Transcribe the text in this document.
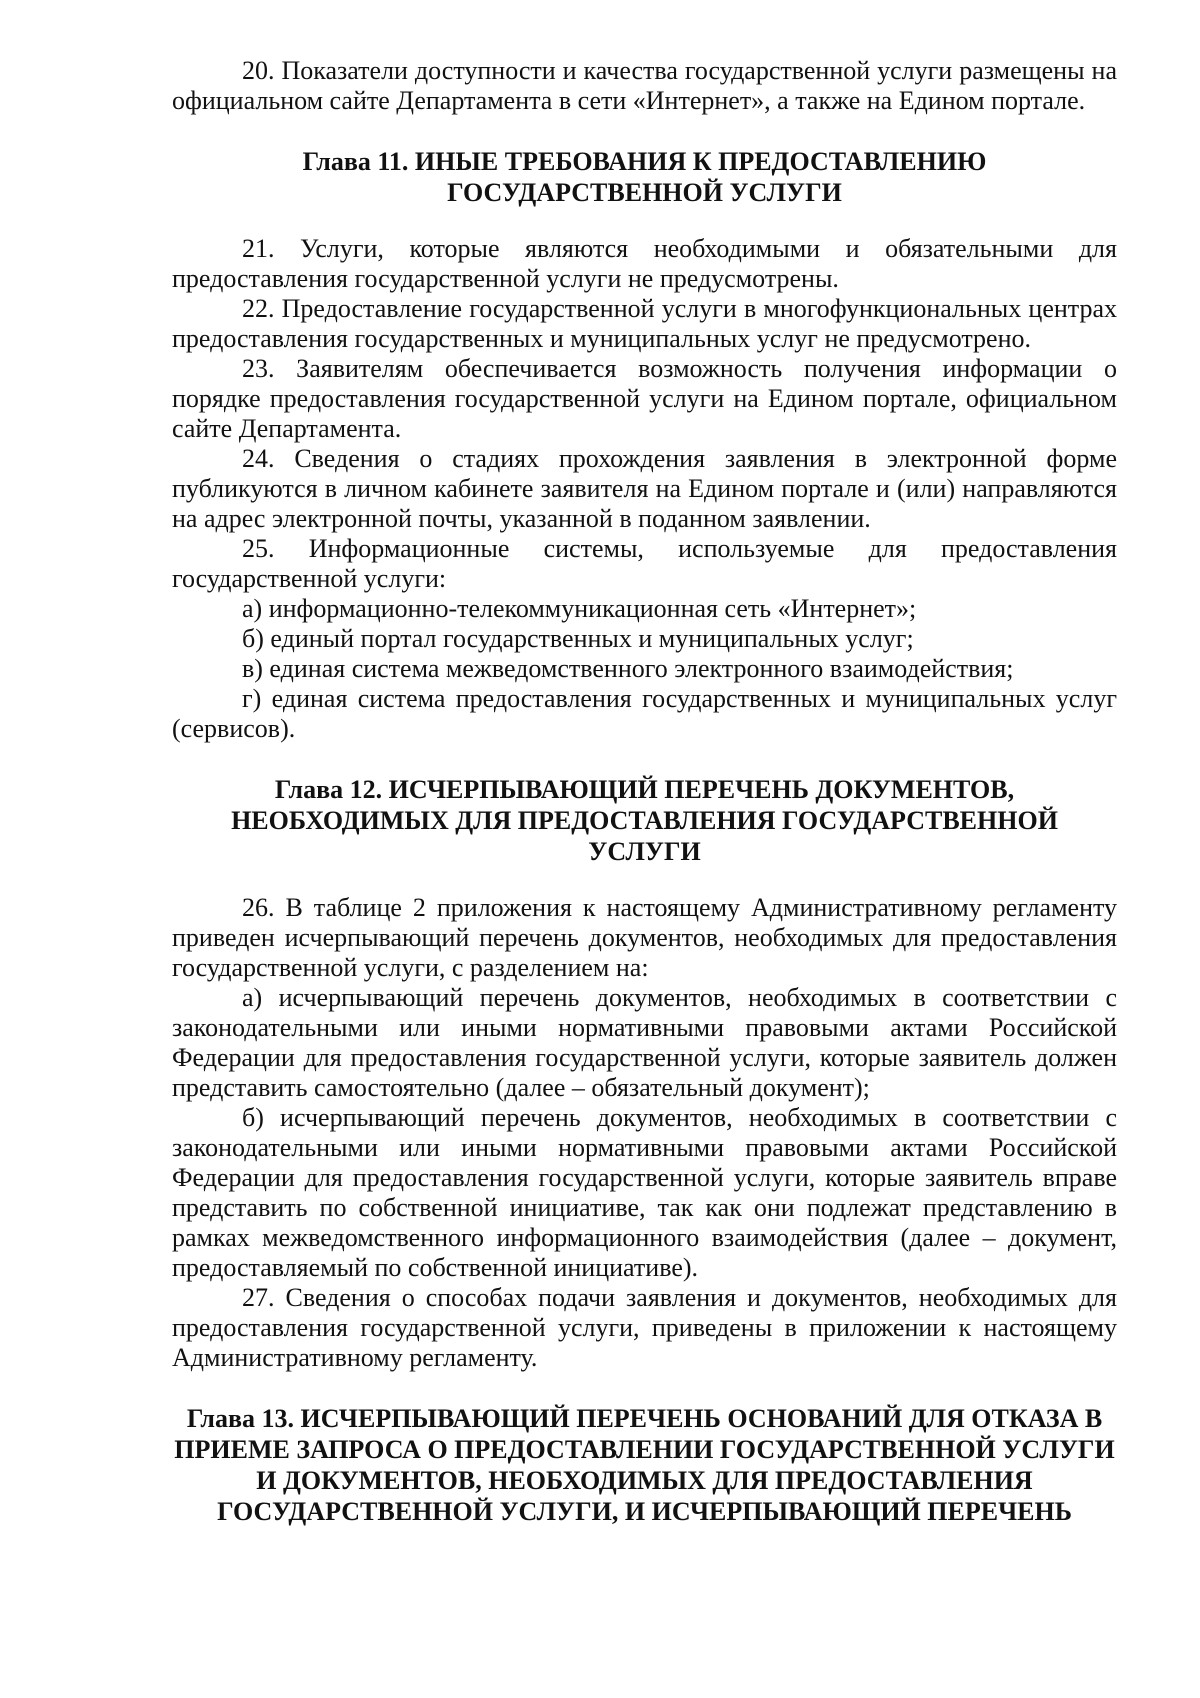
20. Показатели доступности и качества государственной услуги размещены на официальном сайте Департамента в сети «Интернет», а также на Едином портале.

Глава 11. ИНЫЕ ТРЕБОВАНИЯ К ПРЕДОСТАВЛЕНИЮ ГОСУДАРСТВЕННОЙ УСЛУГИ

21. Услуги, которые являются необходимыми и обязательными для предоставления государственной услуги не предусмотрены.

22. Предоставление государственной услуги в многофункциональных центрах предоставления государственных и муниципальных услуг не предусмотрено.

23. Заявителям обеспечивается возможность получения информации о порядке предоставления государственной услуги на Едином портале, официальном сайте Департамента.

24. Сведения о стадиях прохождения заявления в электронной форме публикуются в личном кабинете заявителя на Едином портале и (или) направляются на адрес электронной почты, указанной в поданном заявлении.

25. Информационные системы, используемые для предоставления государственной услуги:

а) информационно-телекоммуникационная сеть «Интернет»;

б) единый портал государственных и муниципальных услуг;

в) единая система межведомственного электронного взаимодействия;

г) единая система предоставления государственных и муниципальных услуг (сервисов).

Глава 12. ИСЧЕРПЫВАЮЩИЙ ПЕРЕЧЕНЬ ДОКУМЕНТОВ, НЕОБХОДИМЫХ ДЛЯ ПРЕДОСТАВЛЕНИЯ ГОСУДАРСТВЕННОЙ УСЛУГИ

26. В таблице 2 приложения к настоящему Административному регламенту приведен исчерпывающий перечень документов, необходимых для предоставления государственной услуги, с разделением на:

а) исчерпывающий перечень документов, необходимых в соответствии с законодательными или иными нормативными правовыми актами Российской Федерации для предоставления государственной услуги, которые заявитель должен представить самостоятельно (далее – обязательный документ);

б) исчерпывающий перечень документов, необходимых в соответствии с законодательными или иными нормативными правовыми актами Российской Федерации для предоставления государственной услуги, которые заявитель вправе представить по собственной инициативе, так как они подлежат представлению в рамках межведомственного информационного взаимодействия (далее – документ, предоставляемый по собственной инициативе).

27. Сведения о способах подачи заявления и документов, необходимых для предоставления государственной услуги, приведены в приложении к настоящему Административному регламенту.

Глава 13. ИСЧЕРПЫВАЮЩИЙ ПЕРЕЧЕНЬ ОСНОВАНИЙ ДЛЯ ОТКАЗА В ПРИЕМЕ ЗАПРОСА О ПРЕДОСТАВЛЕНИИ ГОСУДАРСТВЕННОЙ УСЛУГИ И ДОКУМЕНТОВ, НЕОБХОДИМЫХ ДЛЯ ПРЕДОСТАВЛЕНИЯ ГОСУДАРСТВЕННОЙ УСЛУГИ, И ИСЧЕРПЫВАЮЩИЙ ПЕРЕЧЕНЬ
